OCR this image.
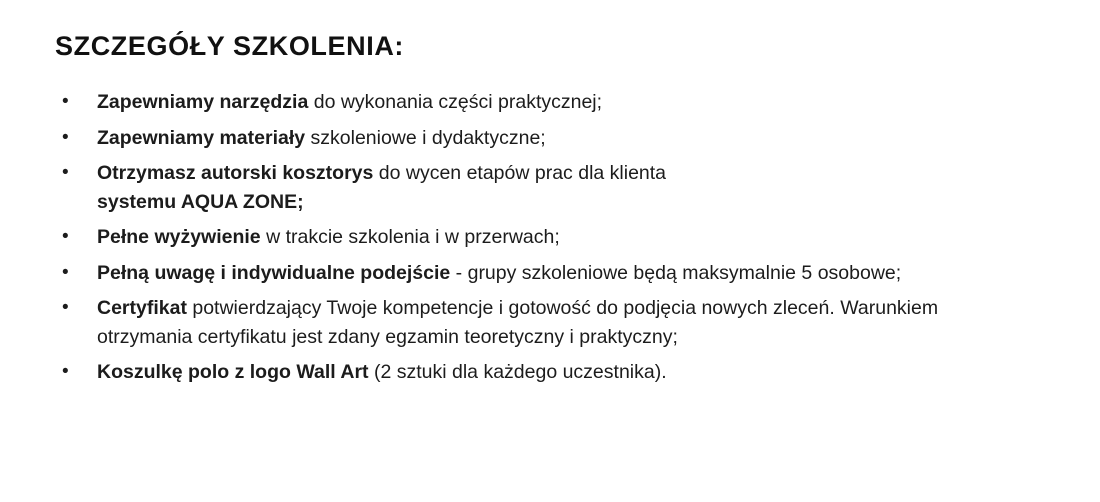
SZCZEGÓŁY SZKOLENIA:
•	Zapewniamy narzędzia do wykonania części praktycznej;
•	Zapewniamy materiały szkoleniowe i dydaktyczne;
•	Otrzymasz autorski kosztorys do wycen etapów prac dla klienta
systemu AQUA ZONE;
•	Pełne wyżywienie w trakcie szkolenia i w przerwach;
•	Pełną uwagę i indywidualne podejście - grupy szkoleniowe będą maksymalnie 5 osobowe;
•	Certyfikat potwierdzający Twoje kompetencje i gotowość do podjęcia nowych zleceń. Warunkiem otrzymania certyfikatu jest zdany egzamin teoretyczny i praktyczny;
•	Koszulkę polo z logo Wall Art (2 sztuki dla każdego uczestnika).
